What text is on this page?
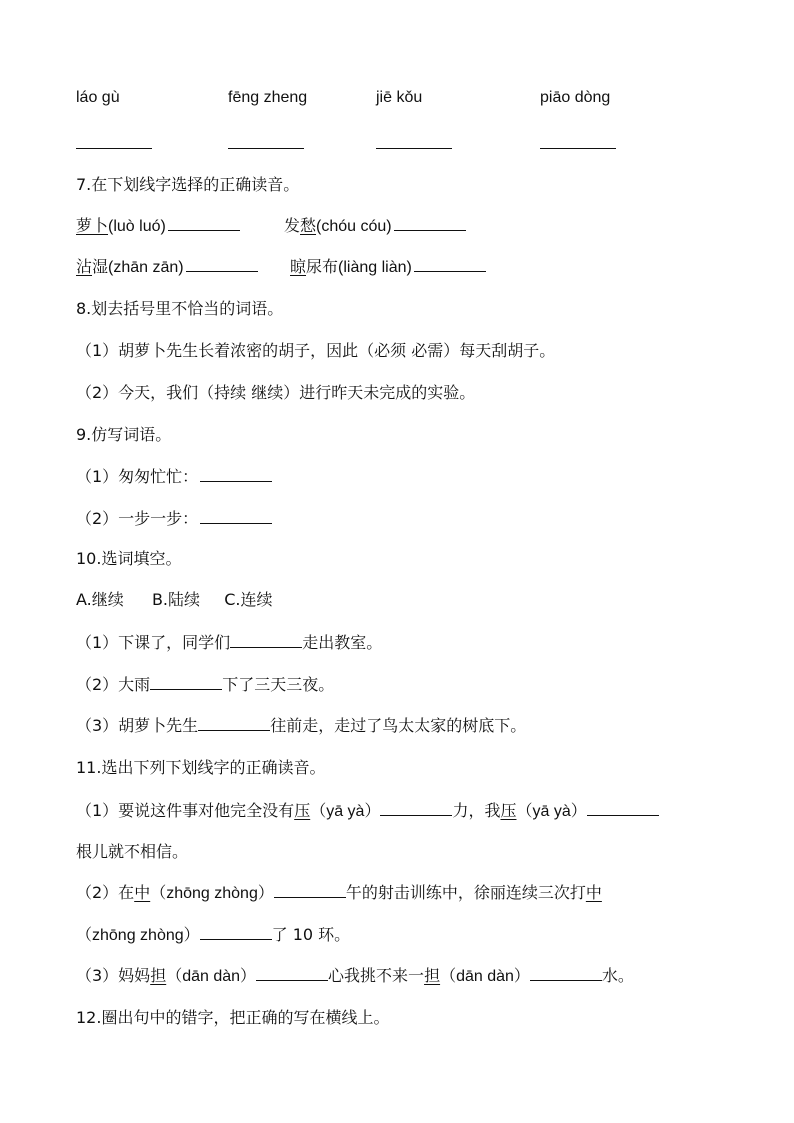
láo gù	fēng zheng	jiē kǒu	piāo dòng
7.在下划线字选择的正确读音。
萝卜(luò luó)	发愁(chóu cóu)
沾湿(zhān zān)	晾尿布(liàng liàn)
8.划去括号里不恰当的词语。
（1）胡萝卜先生长着浓密的胡子，因此（必须 必需）每天刮胡子。
（2）今天，我们（持续 继续）进行昨天未完成的实验。
9.仿写词语。
（1）匆匆忙忙：
（2）一步一步：
10.选词填空。
A.继续 B.陆续 C.连续
（1）下课了，同学们	走出教室。
（2）大雨	下了三天三夜。
（3）胡萝卜先生	往前走，走过了鸟太太家的树底下。
11.选出下列下划线字的正确读音。
（1）要说这件事对他完全没有压（yā yà）	力，我压（yā yà）
根儿就不相信。
（2）在中（zhōng zhòng）	午的射击训练中，徐丽连续三次打中
（zhōng zhòng）	了 10 环。
（3）妈妈担（dān dàn）	心我挑不来一担（dān dàn）	水。
12.圈出句中的错字，把正确的写在横线上。
